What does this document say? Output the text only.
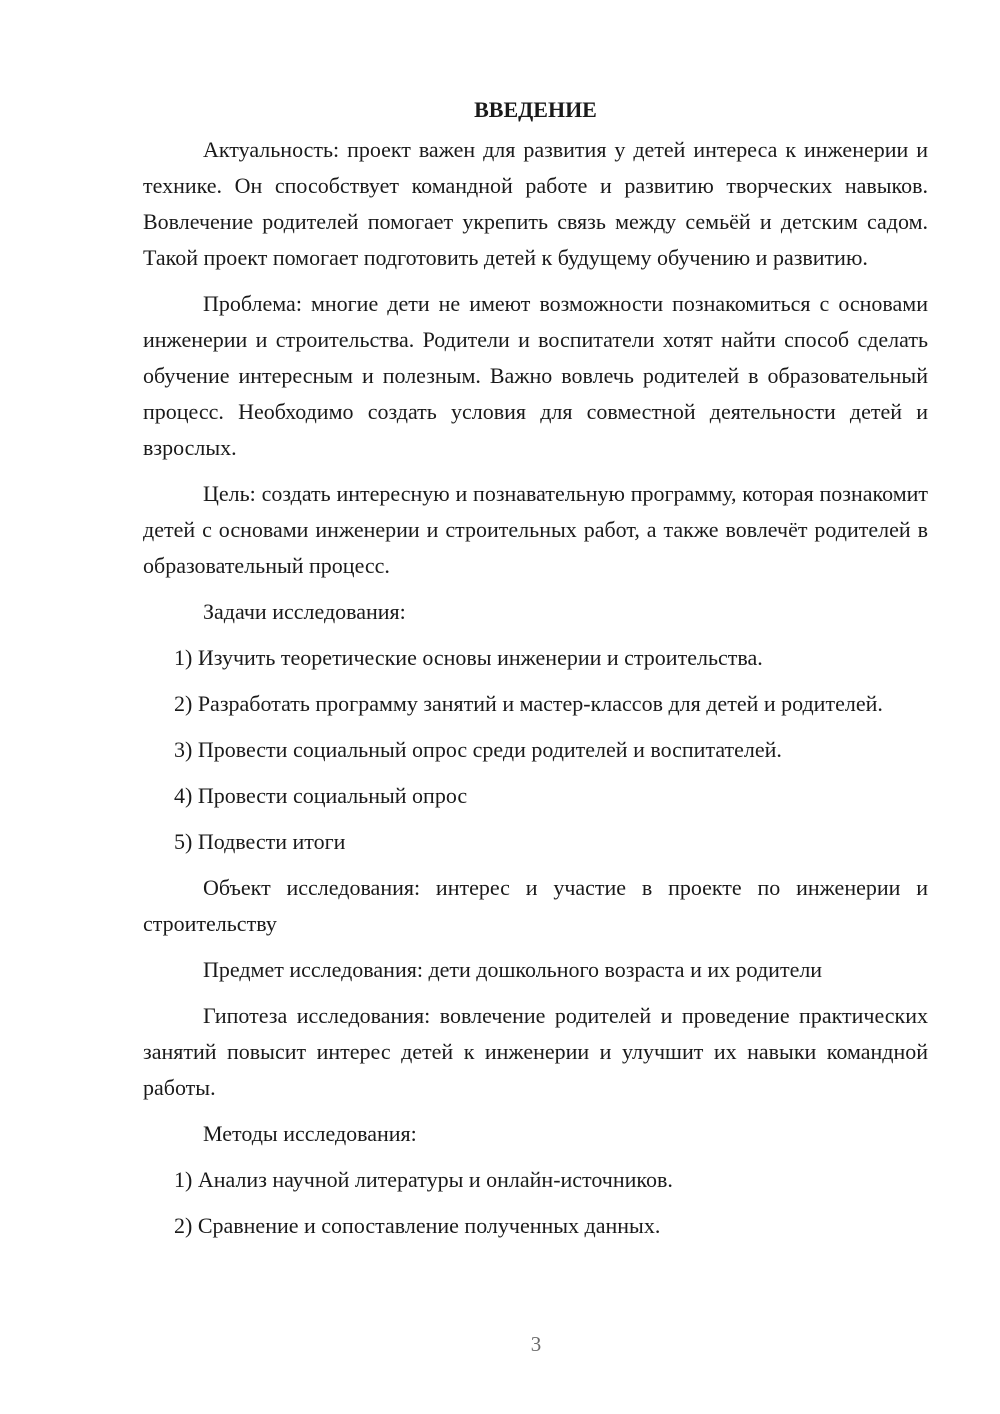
ВВЕДЕНИЕ

Актуальность: проект важен для развития у детей интереса к инженерии и технике. Он способствует командной работе и развитию творческих навыков. Вовлечение родителей помогает укрепить связь между семьёй и детским садом. Такой проект помогает подготовить детей к будущему обучению и развитию.

Проблема: многие дети не имеют возможности познакомиться с основами инженерии и строительства. Родители и воспитатели хотят найти способ сделать обучение интересным и полезным. Важно вовлечь родителей в образовательный процесс. Необходимо создать условия для совместной деятельности детей и взрослых.

Цель: создать интересную и познавательную программу, которая познакомит детей с основами инженерии и строительных работ, а также вовлечёт родителей в образовательный процесс.

Задачи исследования:

1) Изучить теоретические основы инженерии и строительства.

2) Разработать программу занятий и мастер-классов для детей и родителей.

3) Провести социальный опрос среди родителей и воспитателей.

4) Провести социальный опрос

5) Подвести итоги

Объект исследования: интерес и участие в проекте по инженерии и строительству

Предмет исследования: дети дошкольного возраста и их родители

Гипотеза исследования: вовлечение родителей и проведение практических занятий повысит интерес детей к инженерии и улучшит их навыки командной работы.

Методы исследования:

1) Анализ научной литературы и онлайн-источников.

2) Сравнение и сопоставление полученных данных.

3
